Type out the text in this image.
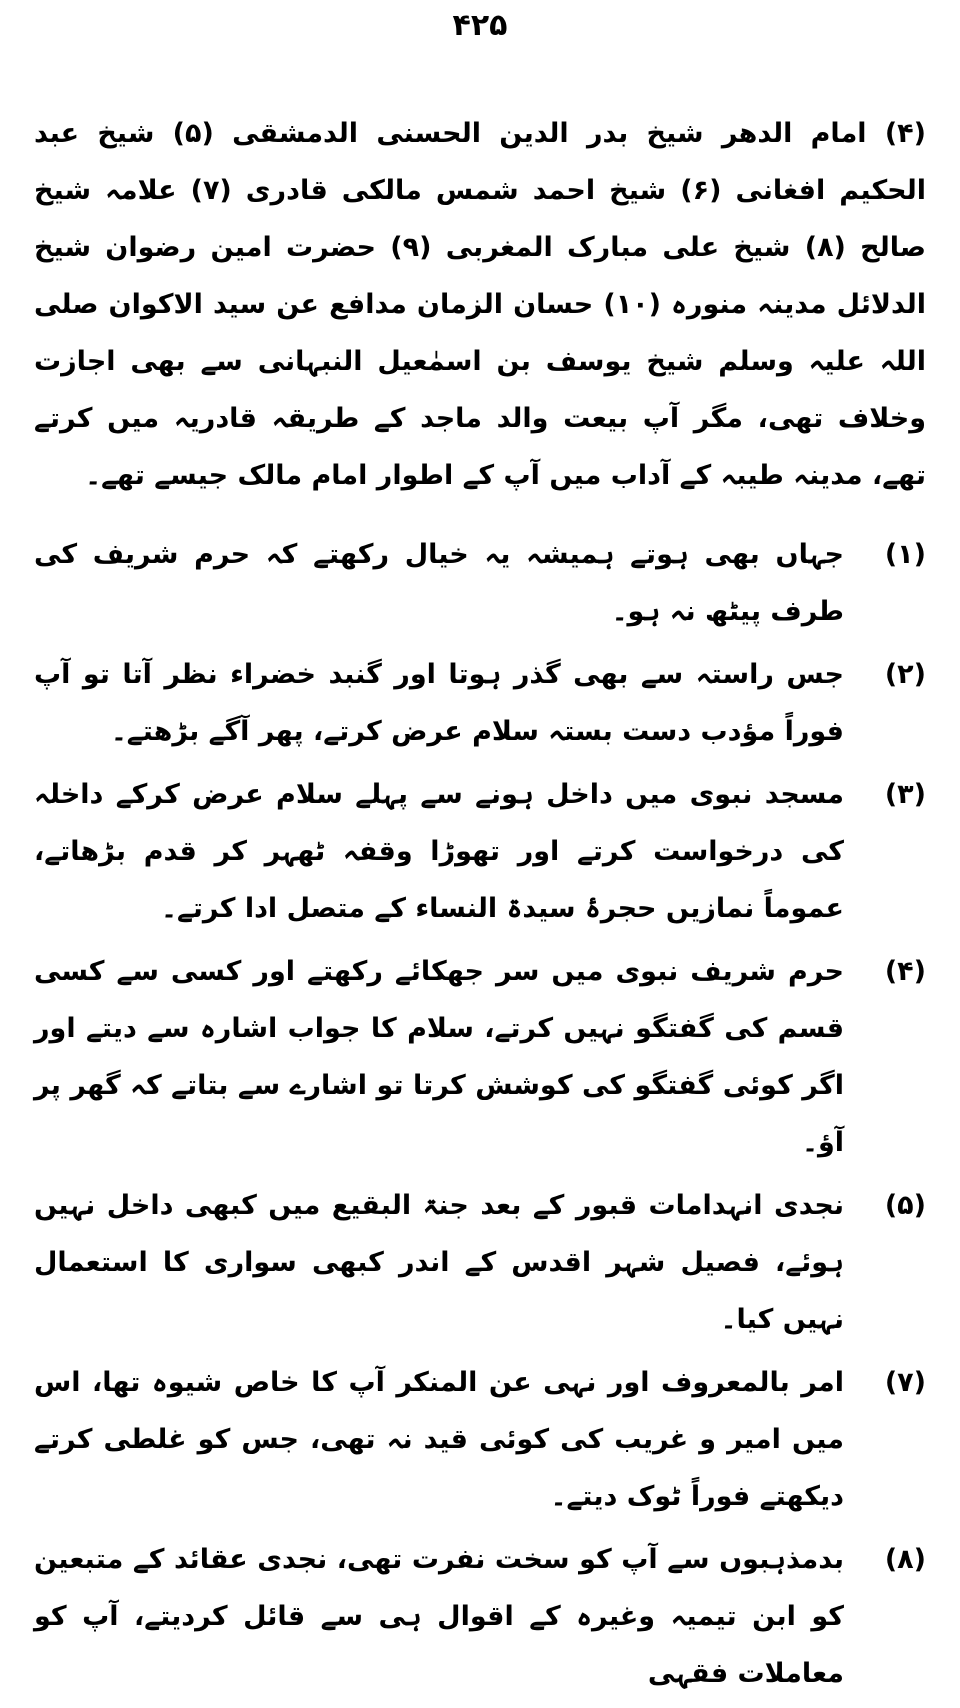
۴۲۵

(۴) امام الدھر شیخ بدر الدین الحسنی الدمشقی (۵) شیخ عبد الحکیم افغانی (۶) شیخ احمد شمس مالکی قادری (۷) علامہ شیخ صالح (۸) شیخ علی مبارک المغربی (۹) حضرت امین رضوان شیخ الدلائل مدینہ منورہ (۱۰) حسان الزمان مدافع عن سید الاکوان صلی اللہ علیہ وسلم شیخ یوسف بن اسمٰعیل النبہانی سے بھی اجازت وخلاف تھی، مگر آپ بیعت والد ماجد کے طریقہ قادریہ میں کرتے تھے، مدینہ طیبہ کے آداب میں آپ کے اطوار امام مالک جیسے تھے۔

(۱)
جہاں بھی ہوتے ہمیشہ یہ خیال رکھتے کہ حرم شریف کی طرف پیٹھ نہ ہو۔
(۲)
جس راستہ سے بھی گذر ہوتا اور گنبد خضراء نظر آتا تو آپ فوراً مؤدب دست بستہ سلام عرض کرتے، پھر آگے بڑھتے۔
(۳)
مسجد نبوی میں داخل ہونے سے پہلے سلام عرض کرکے داخلہ کی درخواست کرتے اور تھوڑا وقفہ ٹھہر کر قدم بڑھاتے، عموماً نمازیں حجرۂ سیدۃ النساء کے متصل ادا کرتے۔
(۴)
حرم شریف نبوی میں سر جھکائے رکھتے اور کسی سے کسی قسم کی گفتگو نہیں کرتے، سلام کا جواب اشارہ سے دیتے اور اگر کوئی گفتگو کی کوشش کرتا تو اشارے سے بتاتے کہ گھر پر آؤ۔
(۵)
نجدی انہدامات قبور کے بعد جنۃ البقیع میں کبھی داخل نہیں ہوئے، فصیل شہر اقدس کے اندر کبھی سواری کا استعمال نہیں کیا۔
(۷)
امر بالمعروف اور نہی عن المنکر آپ کا خاص شیوہ تھا، اس میں امیر و غریب کی کوئی قید نہ تھی، جس کو غلطی کرتے دیکھتے فوراً ٹوک دیتے۔
(۸)
بدمذہبوں سے آپ کو سخت نفرت تھی، نجدی عقائد کے متبعین کو ابن تیمیہ وغیرہ کے اقوال ہی سے قائل کردیتے، آپ کو معاملات فقہی
